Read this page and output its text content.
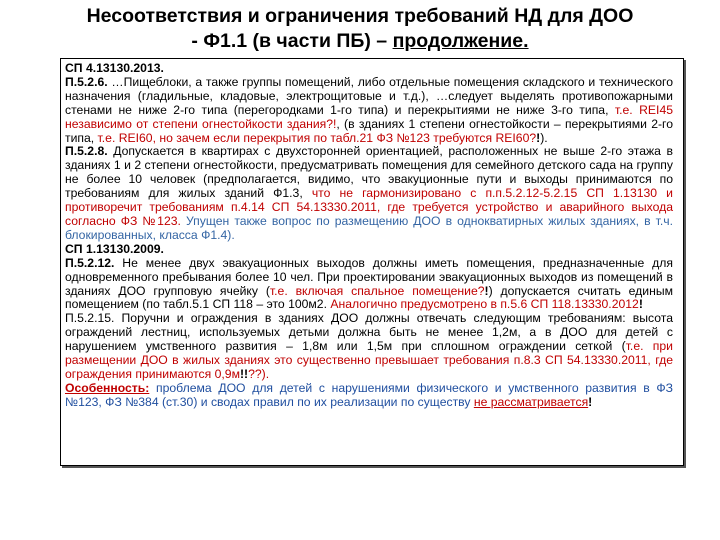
Несоответствия и ограничения требований НД для ДОО
- Ф1.1 (в части ПБ) – продолжение.

СП 4.13130.2013.

П.5.2.6. …Пищеблоки, а также группы помещений, либо отдельные помещения складского и технического назначения (гладильные, кладовые, электрощитовые и т.д.), …следует выделять противопожарными стенами не ниже 2-го типа (перегородками 1-го типа) и перекрытиями не ниже 3-го типа, т.е. REI45 независимо от степени огнестойкости здания?!, (в зданиях 1 степени огнестойкости – перекрытиями 2-го типа, т.е. REI60, но зачем если перекрытия по табл.21 ФЗ №123 требуются REI60?!).

П.5.2.8. Допускается в квартирах с двухсторонней ориентацией, расположенных не выше 2-го этажа в зданиях 1 и 2 степени огнестойкости, предусматривать помещения для семейного детского сада на группу не более 10 человек (предполагается, видимо, что эвакуционные пути и выходы принимаются по требованиям для жилых зданий Ф1.3, что не гармонизировано с п.п.5.2.12-5.2.15 СП 1.13130 и противоречит требованиям п.4.14 СП 54.13330.2011, где требуется устройство и аварийного выхода согласно ФЗ №123. Упущен также вопрос по размещению ДОО в однокватирных жилых зданиях, в т.ч. блокированных, класса Ф1.4).

СП 1.13130.2009.

П.5.2.12. Не менее двух эвакуационных выходов должны иметь помещения, предназначенные для одновременного пребывания более 10 чел. При проектировании эвакуационных выходов из помещений в зданиях ДОО групповую ячейку (т.е. включая спальное помещение?!) допускается считать единым помещением (по табл.5.1 СП 118 – это 100м2. Аналогично предусмотрено в п.5.6 СП 118.13330.2012!

П.5.2.15. Поручни и ограждения в зданиях ДОО должны отвечать следующим требованиям: высота ограждений лестниц, используемых детьми должна быть не менее 1,2м, а в ДОО для детей с нарушением умственного развития – 1,8м или 1,5м при сплошном ограждении сеткой (т.е. при размещении ДОО в жилых зданиях это существенно превышает требования п.8.3 СП 54.13330.2011, где ограждения принимаются 0,9м!!??).

Особенность: проблема ДОО для детей с нарушениями физического и умственного развития в ФЗ №123, ФЗ №384 (ст.30) и сводах правил по их реализации по существу не рассматривается!
